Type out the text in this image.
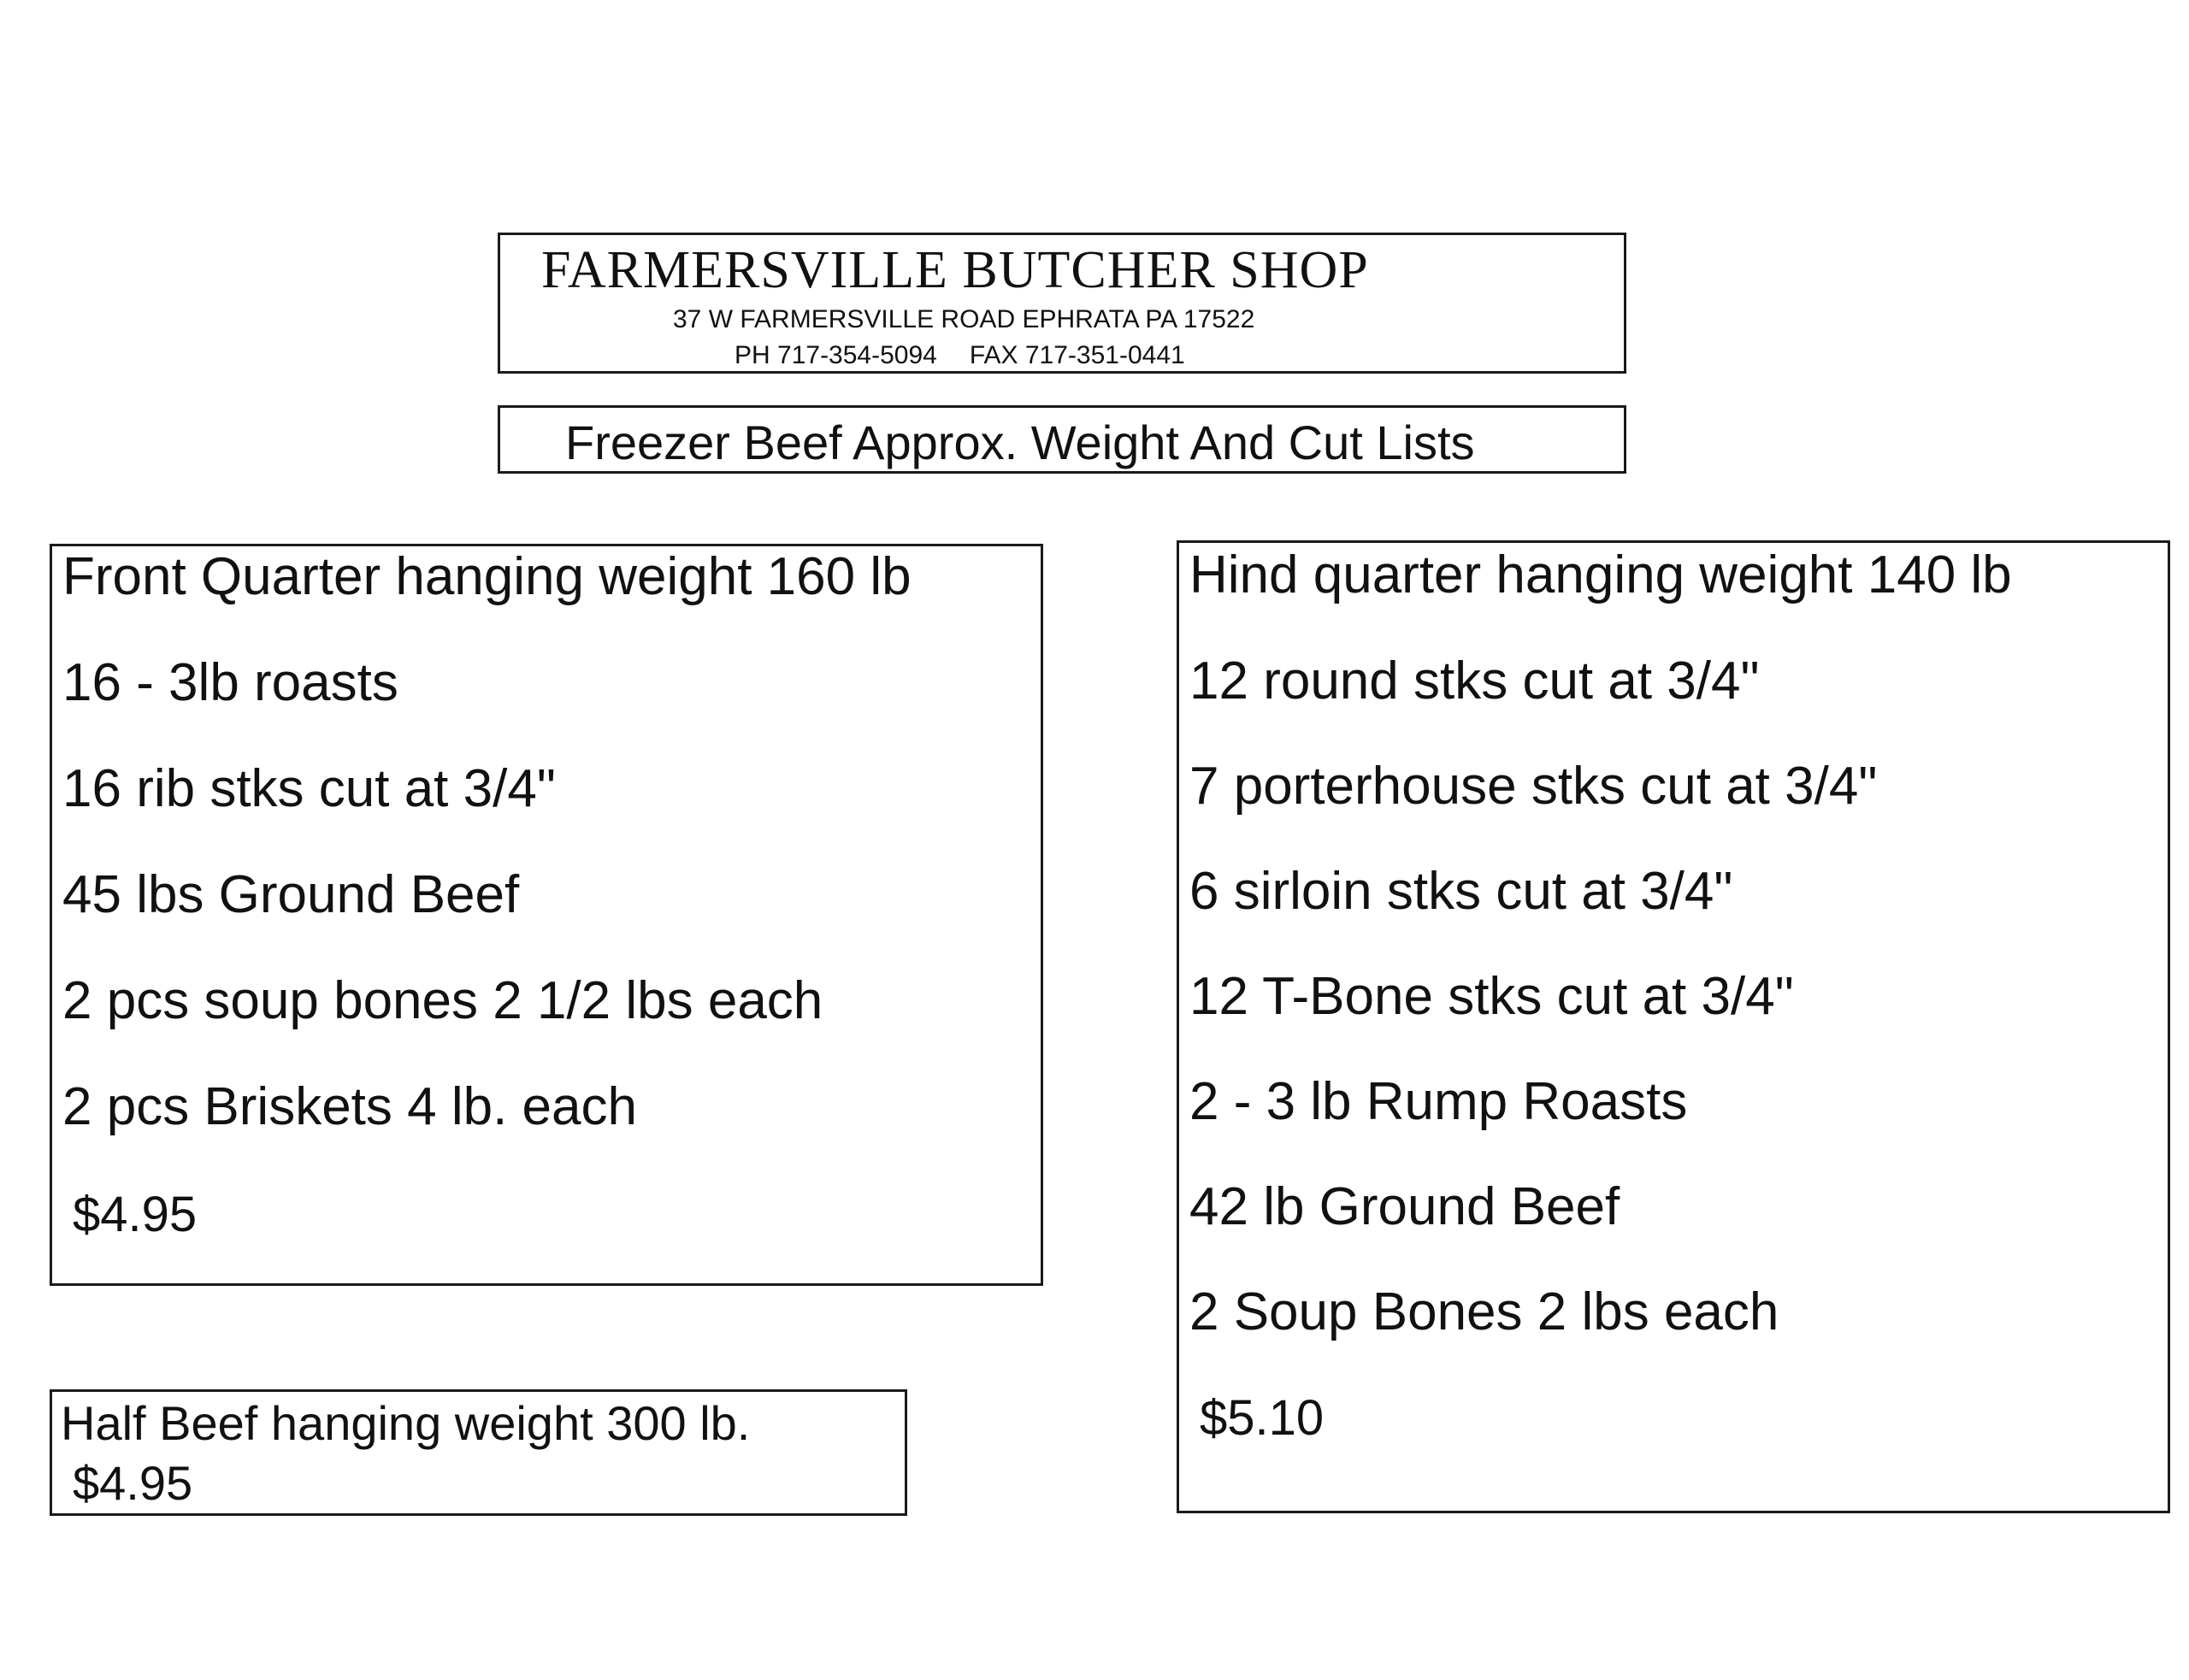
FARMERSVILLE BUTCHER SHOP
37 W FARMERSVILLE ROAD EPHRATA PA 17522
PH 717-354-5094 FAX 717-351-0441
Freezer Beef Approx. Weight And Cut Lists
Front Quarter hanging weight 160 lb
16 - 3lb roasts
16 rib stks cut at 3/4"
45 lbs Ground Beef
2 pcs soup bones 2 1/2 lbs each
2 pcs Briskets 4 lb. each
$4.95
Hind quarter hanging weight 140 lb
12 round stks cut at 3/4"
7 porterhouse stks cut at 3/4"
6 sirloin stks cut at 3/4"
12 T-Bone stks cut at 3/4"
2 - 3 lb Rump Roasts
42 lb Ground Beef
2 Soup Bones 2 lbs each
$5.10
Half Beef hanging weight 300 lb.
$4.95
